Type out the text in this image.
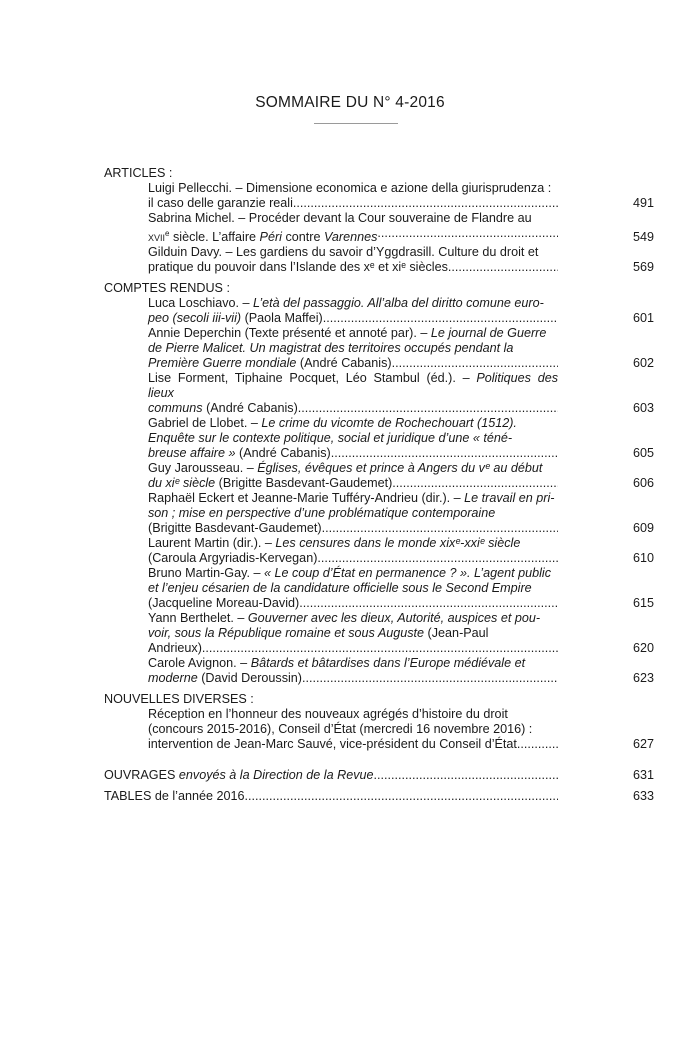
SOMMAIRE DU N° 4-2016
ARTICLES :
Luigi Pellecchi. – Dimensione economica e azione della giurisprudenza :
il caso delle garanzie reali .....	491
Sabrina Michel. – Procéder devant la Cour souveraine de Flandre au
xvii$^e$ siècle. L’affaire Péri contre Varennes .....	549
Gilduin Davy. – Les gardiens du savoir d’Yggdrasill. Culture du droit et
pratique du pouvoir dans l’Islande des xᵉ et xiᵉ siècles .....	569
COMPTES RENDUS :
Luca Loschiavo. – L’età del passaggio. All’alba del diritto comune euro-
peo (secoli iii-vii) (Paola Maffei) .....	601
Annie Deperchin (Texte présenté et annoté par). – Le journal de Guerre
de Pierre Malicet. Un magistrat des territoires occupés pendant la
Première Guerre mondiale (André Cabanis) .....	602
Lise Forment, Tiphaine Pocquet, Léo Stambul (éd.). – Politiques des lieux
communs (André Cabanis) .....	603
Gabriel de Llobet. – Le crime du vicomte de Rochechouart (1512).
Enquête sur le contexte politique, social et juridique d’une « téné-
breuse affaire » (André Cabanis) .....	605
Guy Jarousseau. – Églises, évêques et prince à Angers du vᵉ au début
du xiᵉ siècle (Brigitte Basdevant-Gaudemet) .....	606
Raphaël Eckert et Jeanne-Marie Tufféry-Andrieu (dir.). – Le travail en pri-
son ; mise en perspective d’une problématique contemporaine
(Brigitte Basdevant-Gaudemet) .....	609
Laurent Martin (dir.). – Les censures dans le monde xixᵉ-xxiᵉ siècle
(Caroula Argyriadis-Kervegan) .....	610
Bruno Martin-Gay. – « Le coup d’État en permanence ? ». L’agent public
et l’enjeu césarien de la candidature officielle sous le Second Empire
(Jacqueline Moreau-David) .....	615
Yann Berthelet. – Gouverner avec les dieux, Autorité, auspices et pou-
voir, sous la République romaine et sous Auguste (Jean-Paul
Andrieux) .....	620
Carole Avignon. – Bâtards et bâtardises dans l’Europe médiévale et
moderne (David Deroussin) .....	623
NOUVELLES DIVERSES :
Réception en l’honneur des nouveaux agrégés d’histoire du droit
(concours 2015-2016), Conseil d’État (mercredi 16 novembre 2016) :
intervention de Jean-Marc Sauvé, vice-président du Conseil d’État .....	627
OUVRAGES envoyés à la Direction de la Revue .....	631
TABLES de l’année 2016 .....	633
